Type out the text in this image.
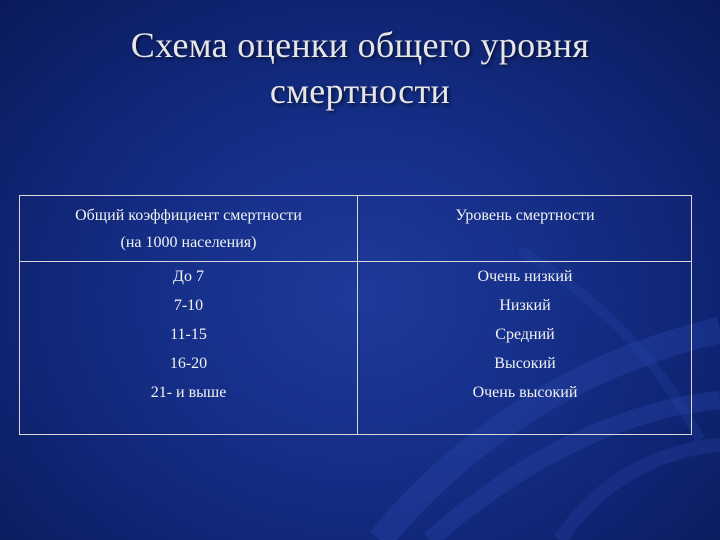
Схема оценки общего уровня
смертности
Общий коэффициент смертности
(на 1000 населения)
Уровень смертности
До 7
7-10
11-15
16-20
21- и выше
Очень низкий
Низкий
Средний
Высокий
Очень высокий
